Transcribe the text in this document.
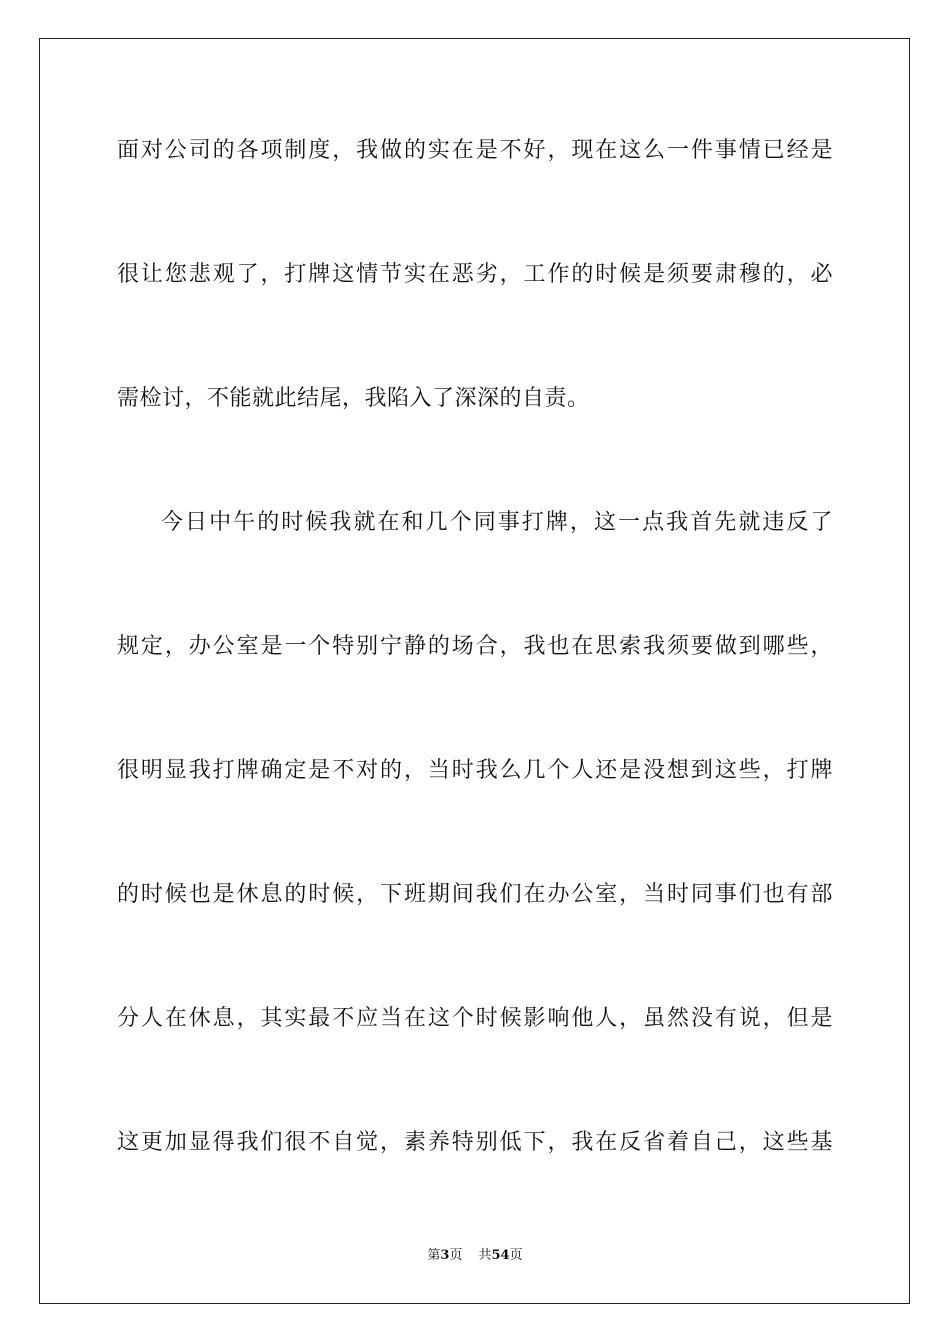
面对公司的各项制度，我做的实在是不好，现在这么一件事情已经是
很让您悲观了，打牌这情节实在恶劣，工作的时候是须要肃穆的，必
需检讨，不能就此结尾，我陷入了深深的自责。
今日中午的时候我就在和几个同事打牌，这一点我首先就违反了
规定，办公室是一个特别宁静的场合，我也在思索我须要做到哪些，
很明显我打牌确定是不对的，当时我么几个人还是没想到这些，打牌
的时候也是休息的时候，下班期间我们在办公室，当时同事们也有部
分人在休息，其实最不应当在这个时候影响他人，虽然没有说，但是
这更加显得我们很不自觉，素养特别低下，我在反省着自己，这些基
第3页 共54页
